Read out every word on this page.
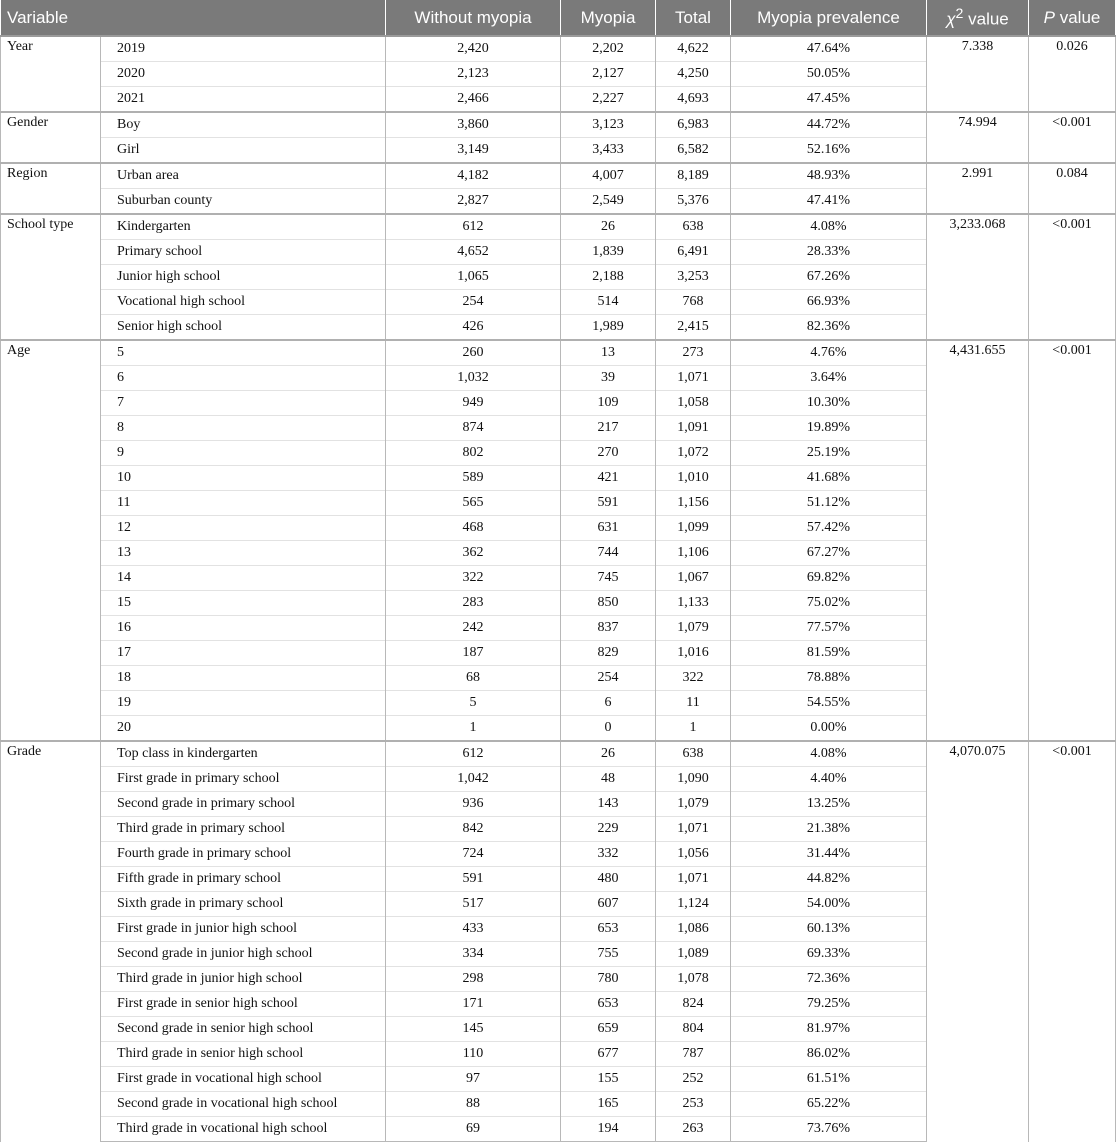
Variable		Without myopia	Myopia	Total	Myopia prevalence	$\chi^2$ value	P value
Year	2019	2,420	2,202	4,622	47.64%	7.338	0.026
	2020	2,123	2,127	4,250	50.05%		
	2021	2,466	2,227	4,693	47.45%		
Gender	Boy	3,860	3,123	6,983	44.72%	74.994	<0.001
	Girl	3,149	3,433	6,582	52.16%		
Region	Urban area	4,182	4,007	8,189	48.93%	2.991	0.084
	Suburban county	2,827	2,549	5,376	47.41%		
School type	Kindergarten	612	26	638	4.08%	3,233.068	<0.001
	Primary school	4,652	1,839	6,491	28.33%		
	Junior high school	1,065	2,188	3,253	67.26%		
	Vocational high school	254	514	768	66.93%		
	Senior high school	426	1,989	2,415	82.36%		
Age	5	260	13	273	4.76%	4,431.655	<0.001
	6	1,032	39	1,071	3.64%		
	7	949	109	1,058	10.30%		
	8	874	217	1,091	19.89%		
	9	802	270	1,072	25.19%		
	10	589	421	1,010	41.68%		
	11	565	591	1,156	51.12%		
	12	468	631	1,099	57.42%		
	13	362	744	1,106	67.27%		
	14	322	745	1,067	69.82%		
	15	283	850	1,133	75.02%		
	16	242	837	1,079	77.57%		
	17	187	829	1,016	81.59%		
	18	68	254	322	78.88%		
	19	5	6	11	54.55%		
	20	1	0	1	0.00%		
Grade	Top class in kindergarten	612	26	638	4.08%	4,070.075	<0.001
	First grade in primary school	1,042	48	1,090	4.40%		
	Second grade in primary school	936	143	1,079	13.25%		
	Third grade in primary school	842	229	1,071	21.38%		
	Fourth grade in primary school	724	332	1,056	31.44%		
	Fifth grade in primary school	591	480	1,071	44.82%		
	Sixth grade in primary school	517	607	1,124	54.00%		
	First grade in junior high school	433	653	1,086	60.13%		
	Second grade in junior high school	334	755	1,089	69.33%		
	Third grade in junior high school	298	780	1,078	72.36%		
	First grade in senior high school	171	653	824	79.25%		
	Second grade in senior high school	145	659	804	81.97%		
	Third grade in senior high school	110	677	787	86.02%		
	First grade in vocational high school	97	155	252	61.51%		
	Second grade in vocational high school	88	165	253	65.22%		
	Third grade in vocational high school	69	194	263	73.76%		
